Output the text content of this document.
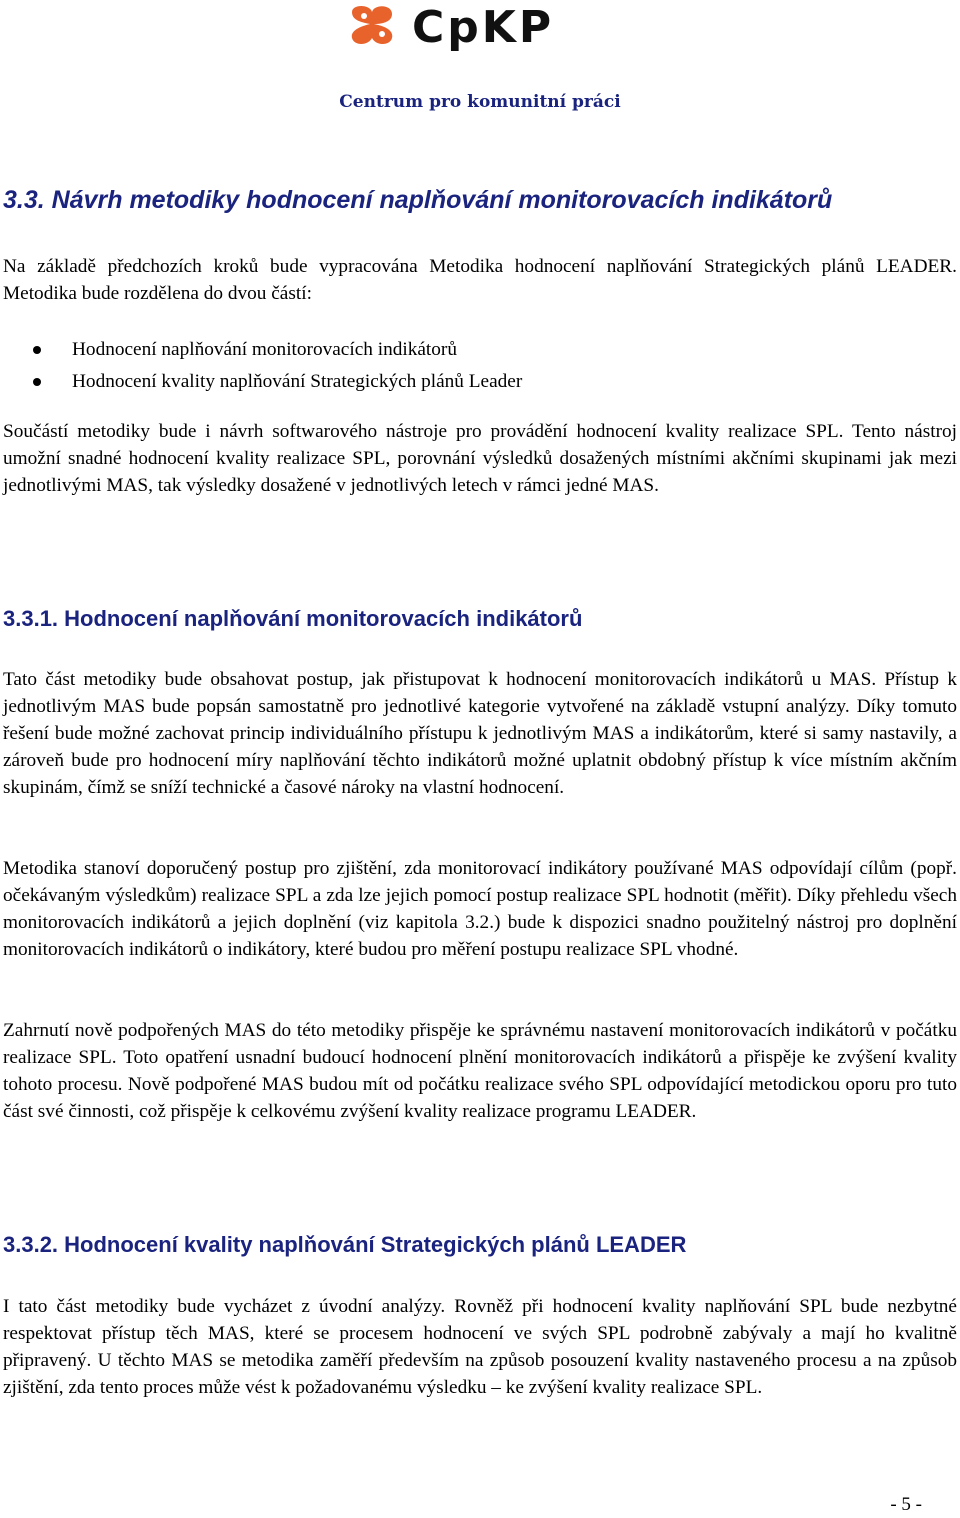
CpKP
Centrum pro komunitní práci
3.3. Návrh metodiky hodnocení naplňování monitorovacích indikátorů

Na základě předchozích kroků bude vypracována Metodika hodnocení naplňování Strategických plánů LEADER. Metodika bude rozdělena do dvou částí:

Hodnocení naplňování monitorovacích indikátorů
Hodnocení kvality naplňování Strategických plánů Leader

Součástí metodiky bude i návrh softwarového nástroje pro provádění hodnocení kvality realizace SPL. Tento nástroj umožní snadné hodnocení kvality realizace SPL, porovnání výsledků dosažených místními akčními skupinami jak mezi jednotlivými MAS, tak výsledky dosažené v jednotlivých letech v rámci jedné MAS.

3.3.1. Hodnocení naplňování monitorovacích indikátorů

Tato část metodiky bude obsahovat postup, jak přistupovat k hodnocení monitorovacích indikátorů u MAS. Přístup k jednotlivým MAS bude popsán samostatně pro jednotlivé kategorie vytvořené na základě vstupní analýzy. Díky tomuto řešení bude možné zachovat princip individuálního přístupu k jednotlivým MAS a indikátorům, které si samy nastavily, a zároveň bude pro hodnocení míry naplňování těchto indikátorů možné uplatnit obdobný přístup k více místním akčním skupinám, čímž se sníží technické a časové nároky na vlastní hodnocení.

Metodika stanoví doporučený postup pro zjištění, zda monitorovací indikátory používané MAS odpovídají cílům (popř. očekávaným výsledkům) realizace SPL a zda lze jejich pomocí postup realizace SPL hodnotit (měřit). Díky přehledu všech monitorovacích indikátorů a jejich doplnění (viz kapitola 3.2.) bude k dispozici snadno použitelný nástroj pro doplnění monitorovacích indikátorů o indikátory, které budou pro měření postupu realizace SPL vhodné.

Zahrnutí nově podpořených MAS do této metodiky přispěje ke správnému nastavení monitorovacích indikátorů v počátku realizace SPL. Toto opatření usnadní budoucí hodnocení plnění monitorovacích indikátorů a přispěje ke zvýšení kvality tohoto procesu. Nově podpořené MAS budou mít od počátku realizace svého SPL odpovídající metodickou oporu pro tuto část své činnosti, což přispěje k celkovému zvýšení kvality realizace programu LEADER.

3.3.2. Hodnocení kvality naplňování Strategických plánů LEADER

I tato část metodiky bude vycházet z úvodní analýzy. Rovněž při hodnocení kvality naplňování SPL bude nezbytné respektovat přístup těch MAS, které se procesem hodnocení ve svých SPL podrobně zabývaly a mají ho kvalitně připravený. U těchto MAS se metodika zaměří především na způsob posouzení kvality nastaveného procesu a na způsob zjištění, zda tento proces může vést k požadovanému výsledku – ke zvýšení kvality realizace SPL.

- 5 -
